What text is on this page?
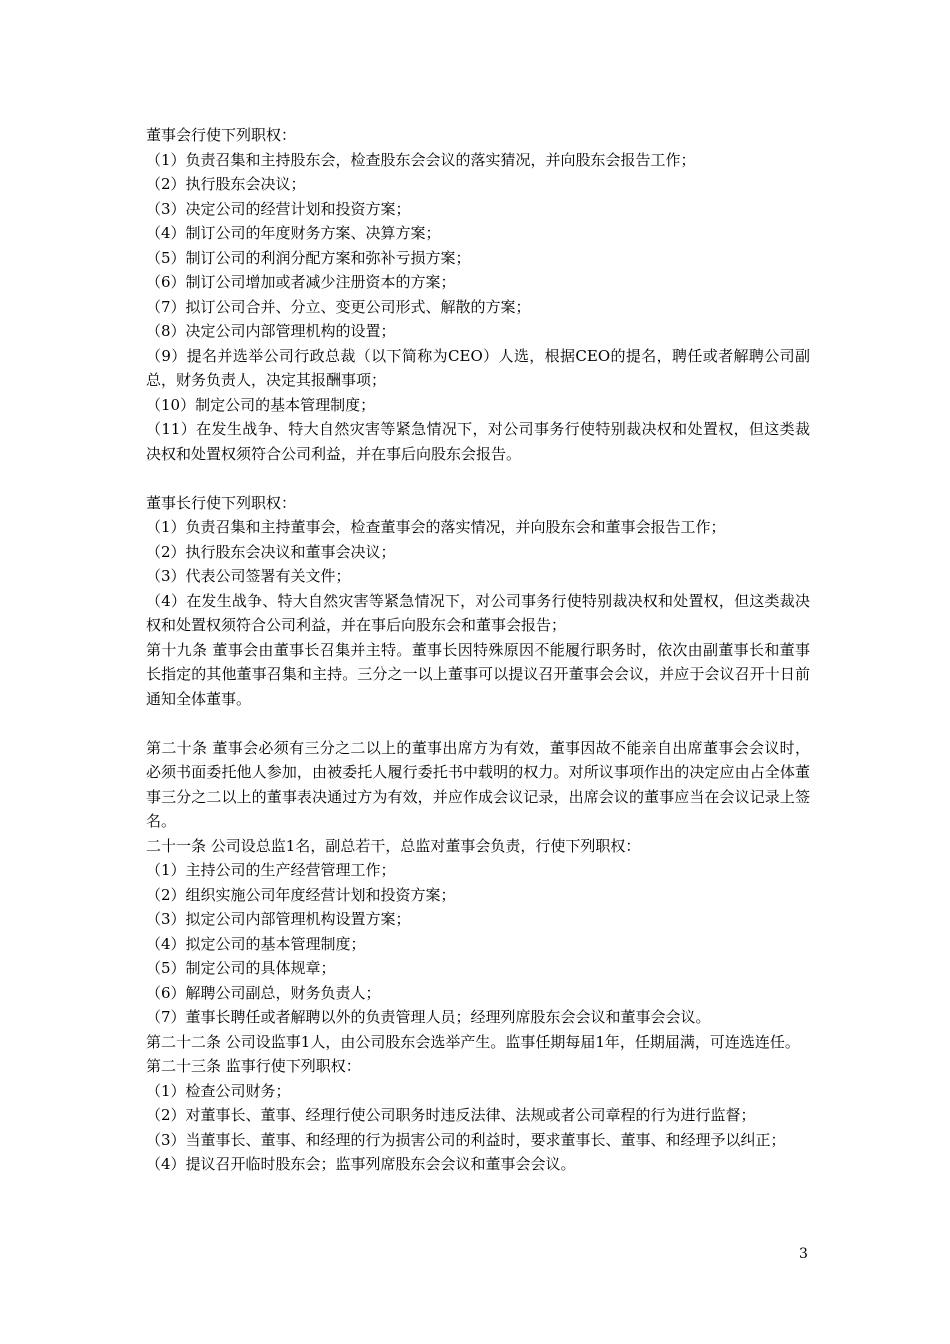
董事会行使下列职权：

（1）负责召集和主持股东会，检查股东会会议的落实猜况，并向股东会报告工作；

（2）执行股东会决议；

（3）决定公司的经营计划和投资方案；

（4）制订公司的年度财务方案、决算方案；

（5）制订公司的利润分配方案和弥补亏损方案；

（6）制订公司增加或者减少注册资本的方案；

（7）拟订公司合并、分立、变更公司形式、解散的方案；

（8）决定公司内部管理机构的设置；

（9）提名并选举公司行政总裁（以下简称为CEO）人选，根据CEO的提名，聘任或者解聘公司副总，财务负责人，决定其报酬事项；

（10）制定公司的基本管理制度；

（11）在发生战争、特大自然灾害等紧急情况下，对公司事务行使特别裁决权和处置权，但这类裁决权和处置权须符合公司利益，并在事后向股东会报告。

董事长行使下列职权：

（1）负责召集和主持董事会，检查董事会的落实情况，并向股东会和董事会报告工作；

（2）执行股东会决议和董事会决议；

（3）代表公司签署有关文件；

（4）在发生战争、特大自然灾害等紧急情况下，对公司事务行使特别裁决权和处置权，但这类裁决权和处置权须符合公司利益，并在事后向股东会和董事会报告；

第十九条 董事会由董事长召集并主特。董事长因特殊原因不能履行职务时，依次由副董事长和董事长指定的其他董事召集和主持。三分之一以上董事可以提议召开董事会会议，并应于会议召开十日前通知全体董事。

第二十条 董事会必须有三分之二以上的董事出席方为有效，董事因故不能亲自出席董事会会议时，必须书面委托他人参加，由被委托人履行委托书中载明的权力。对所议事项作出的决定应由占全体董事三分之二以上的董事表决通过方为有效，并应作成会议记录，出席会议的董事应当在会议记录上签名。

二十一条 公司设总监1名，副总若干，总监对董事会负责，行使下列职权：

（1）主持公司的生产经营管理工作；

（2）组织实施公司年度经营计划和投资方案；

（3）拟定公司内部管理机构设置方案；

（4）拟定公司的基本管理制度；

（5）制定公司的具体规章；

（6）解聘公司副总，财务负责人；

（7）董事长聘任或者解聘以外的负责管理人员；经理列席股东会会议和董事会会议。

第二十二条 公司设监事1人，由公司股东会选举产生。监事任期每届1年，任期届满，可连选连任。

第二十三条 监事行使下列职权：

（1）检查公司财务；

（2）对董事长、董事、经理行使公司职务时违反法律、法规或者公司章程的行为进行监督；

（3）当董事长、董事、和经理的行为损害公司的利益时，要求董事长、董事、和经理予以纠正；

（4）提议召开临时股东会；监事列席股东会会议和董事会会议。

3
